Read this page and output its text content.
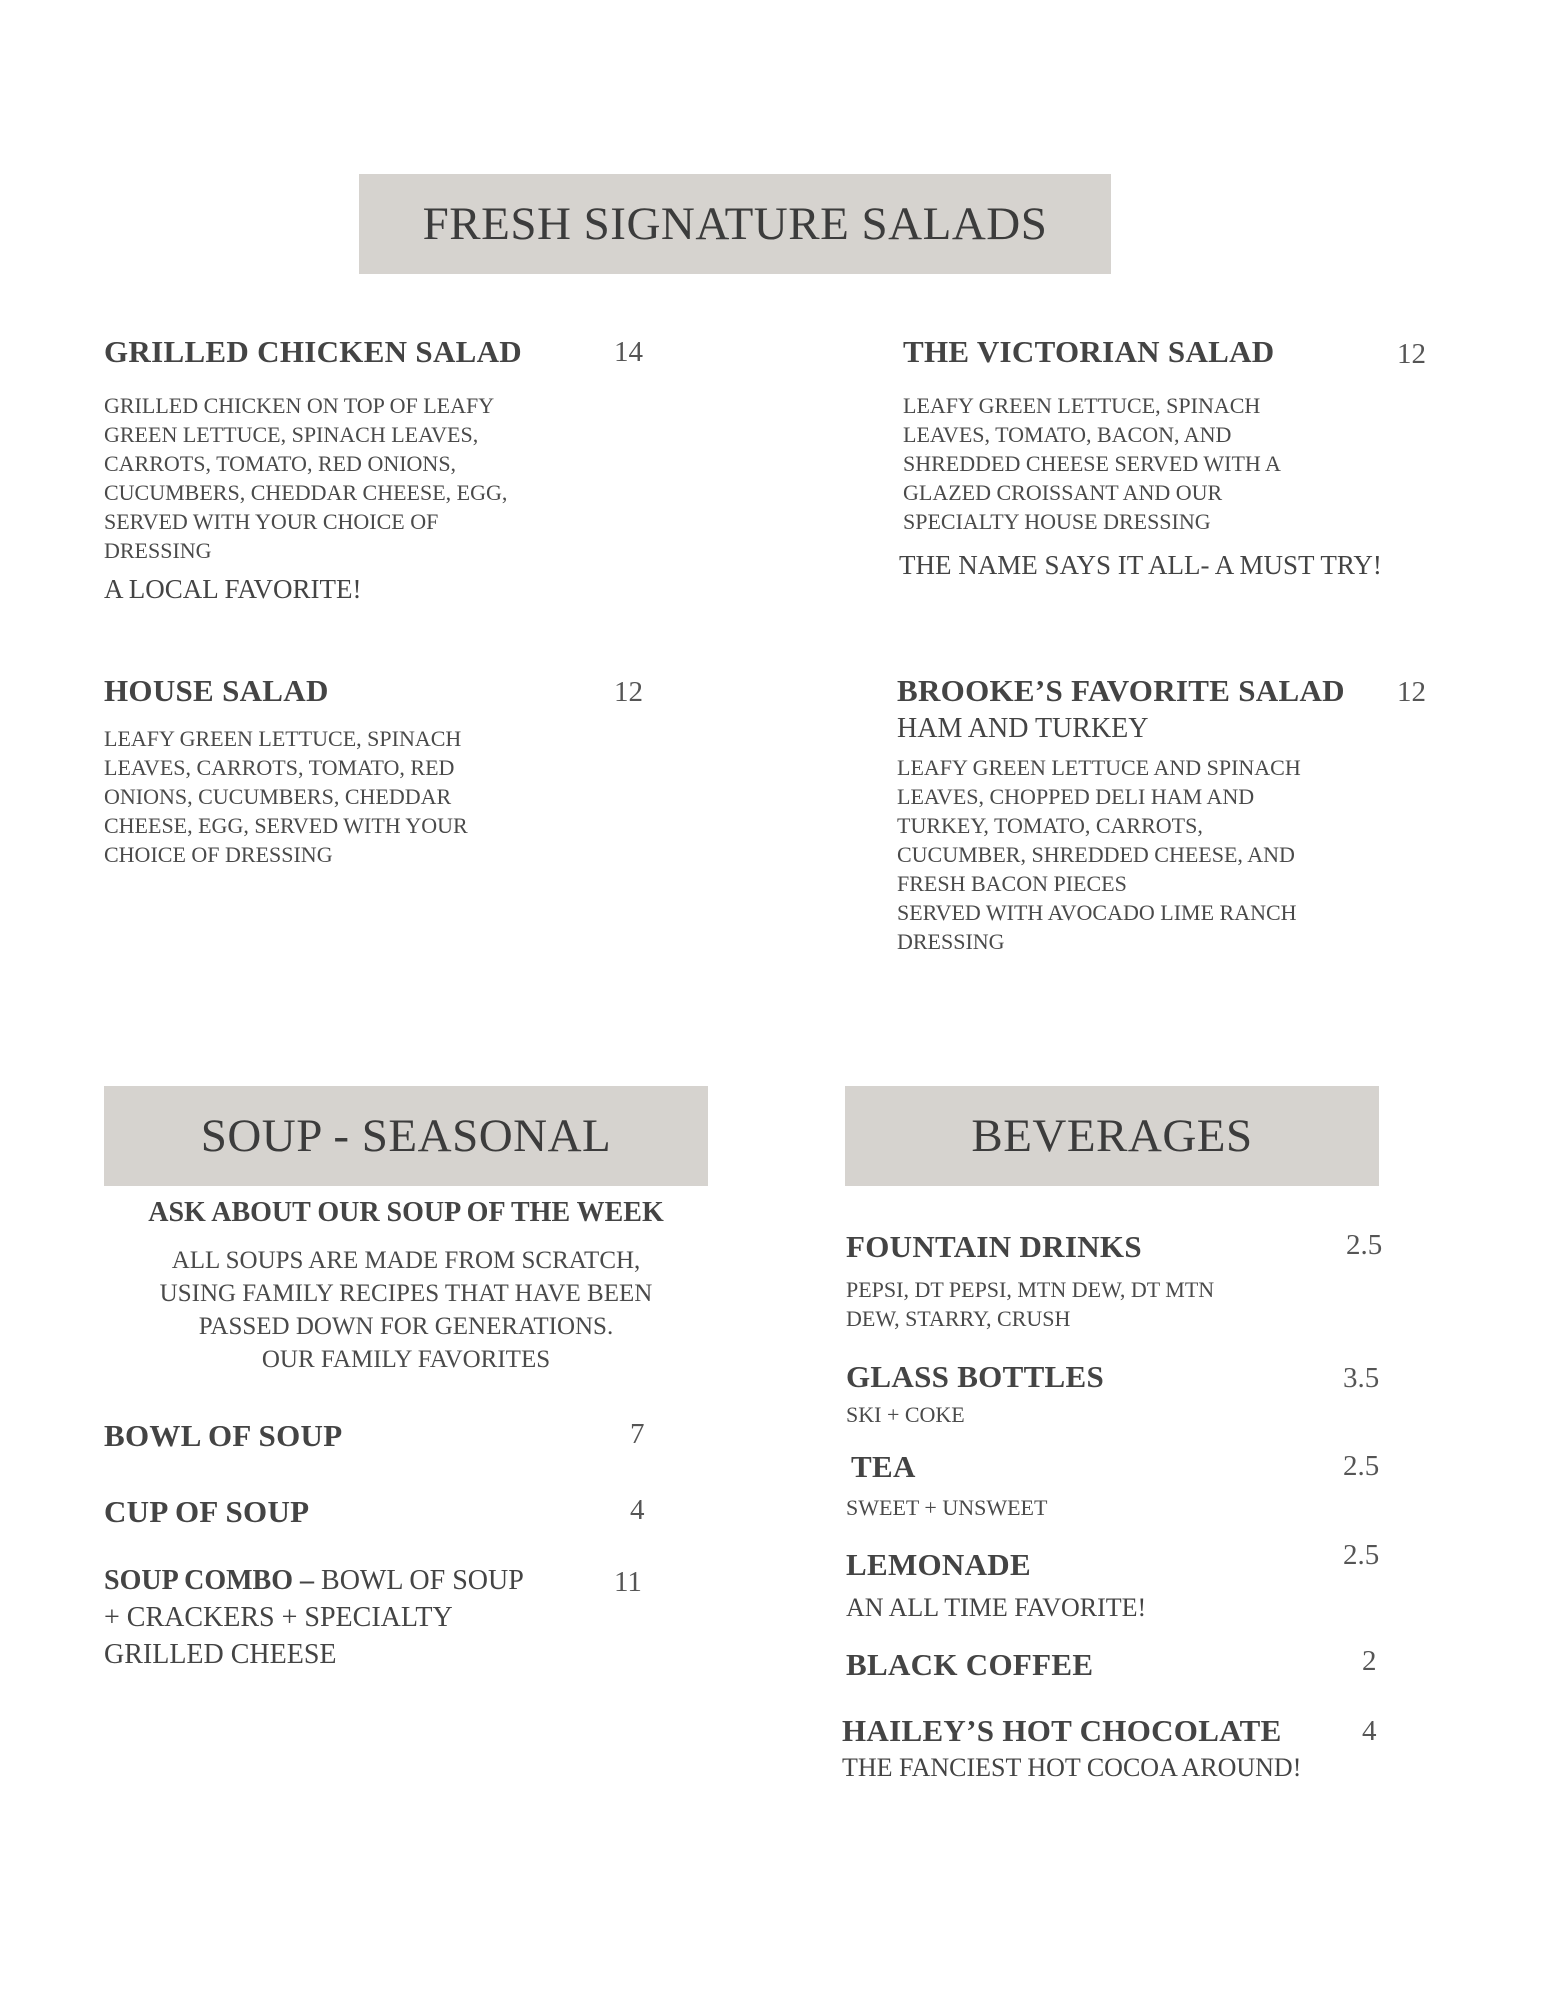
FRESH SIGNATURE SALADS
GRILLED CHICKEN SALAD	14
GRILLED CHICKEN ON TOP OF LEAFY
GREEN LETTUCE, SPINACH LEAVES,
CARROTS, TOMATO, RED ONIONS,
CUCUMBERS, CHEDDAR CHEESE, EGG,
SERVED WITH YOUR CHOICE OF
DRESSING
A LOCAL FAVORITE!
THE VICTORIAN SALAD	12
LEAFY GREEN LETTUCE, SPINACH
LEAVES, TOMATO, BACON, AND
SHREDDED CHEESE SERVED WITH A
GLAZED CROISSANT AND OUR
SPECIALTY HOUSE DRESSING
THE NAME SAYS IT ALL- A MUST TRY!
HOUSE SALAD	12
LEAFY GREEN LETTUCE, SPINACH
LEAVES, CARROTS, TOMATO, RED
ONIONS, CUCUMBERS, CHEDDAR
CHEESE, EGG, SERVED WITH YOUR
CHOICE OF DRESSING
BROOKE’S FAVORITE SALAD 12
HAM AND TURKEY
LEAFY GREEN LETTUCE AND SPINACH
LEAVES, CHOPPED DELI HAM AND
TURKEY, TOMATO, CARROTS,
CUCUMBER, SHREDDED CHEESE, AND
FRESH BACON PIECES
SERVED WITH AVOCADO LIME RANCH
DRESSING
SOUP - SEASONAL
ASK ABOUT OUR SOUP OF THE WEEK
ALL SOUPS ARE MADE FROM SCRATCH,
USING FAMILY RECIPES THAT HAVE BEEN
PASSED DOWN FOR GENERATIONS.
OUR FAMILY FAVORITES
BOWL OF SOUP	7
CUP OF SOUP	4
SOUP COMBO – BOWL OF SOUP
+ CRACKERS + SPECIALTY
GRILLED CHEESE
11
BEVERAGES
FOUNTAIN DRINKS	2.5
PEPSI, DT PEPSI, MTN DEW, DT MTN
DEW, STARRY, CRUSH
GLASS BOTTLES	3.5
SKI + COKE
TEA	2.5
SWEET + UNSWEET
LEMONADE	2.5
AN ALL TIME FAVORITE!
BLACK COFFEE	2
HAILEY’S HOT CHOCOLATE	4
THE FANCIEST HOT COCOA AROUND!
